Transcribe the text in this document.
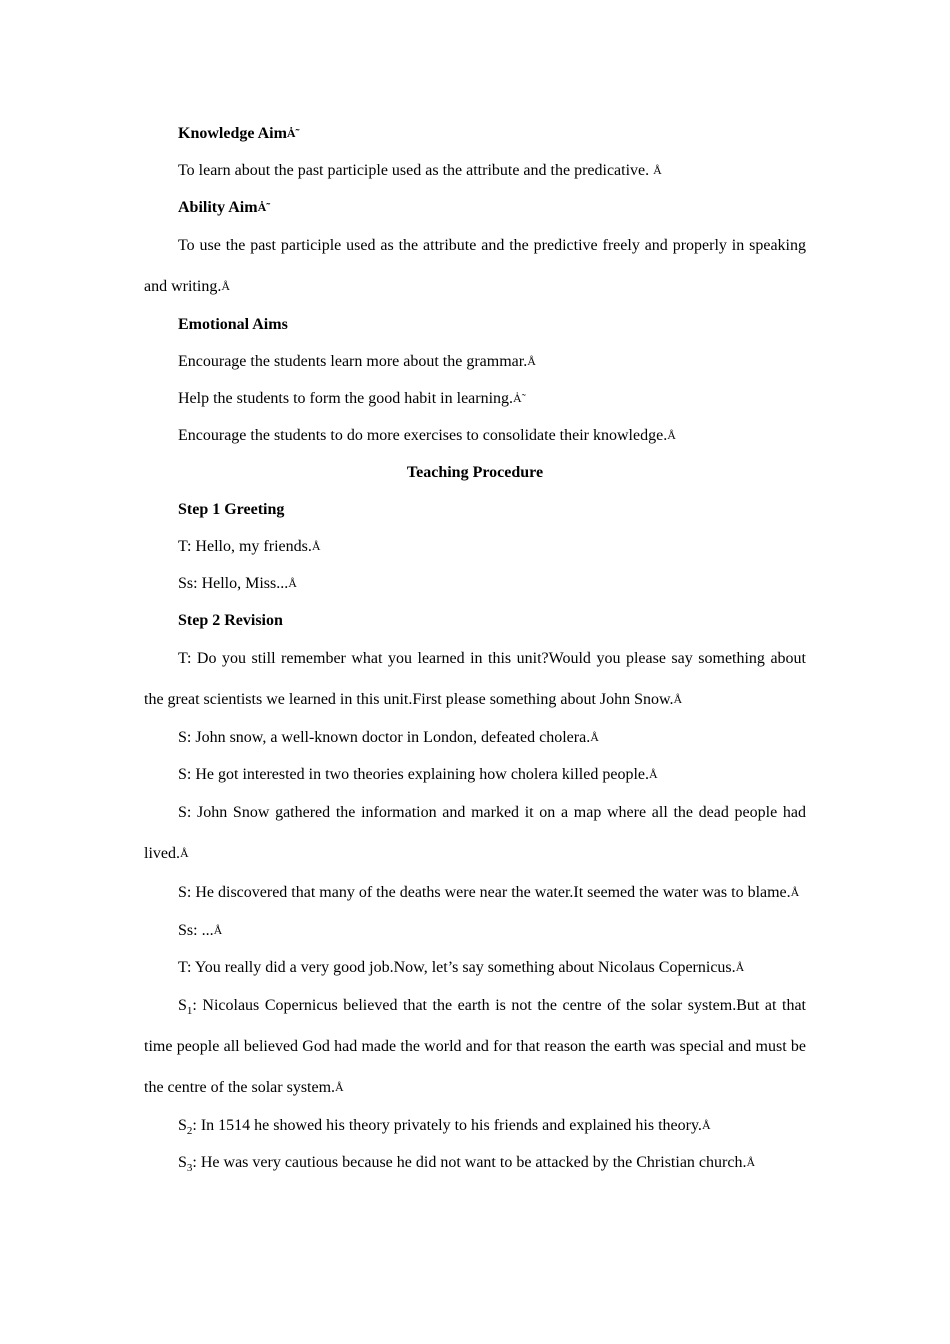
Knowledge AimȦ̃

To learn about the past participle used as the attribute and the predicative. Å

Ability AimȦ̃

To use the past participle used as the attribute and the predictive freely and properly in speaking and writing.Å

Emotional Aims

Encourage the students learn more about the grammar.Å

Help the students to form the good habit in learning.Ȧ̃

Encourage the students to do more exercises to consolidate their knowledge.Å

Teaching Procedure

Step 1 Greeting

T: Hello, my friends.Å

Ss: Hello, Miss...Å

Step 2 Revision

T: Do you still remember what you learned in this unit?Would you please say something about the great scientists we learned in this unit.First please something about John Snow.Å

S: John snow, a well-known doctor in London, defeated cholera.Å

S: He got interested in two theories explaining how cholera killed people.Å

S: John Snow gathered the information and marked it on a map where all the dead people had lived.Å

S: He discovered that many of the deaths were near the water.It seemed the water was to blame.Å

Ss: ...Å

T: You really did a very good job.Now, let’s say something about Nicolaus Copernicus.Å

$S_1$: Nicolaus Copernicus believed that the earth is not the centre of the solar system.But at that time people all believed God had made the world and for that reason the earth was special and must be the centre of the solar system.Å

$S_2$: In 1514 he showed his theory privately to his friends and explained his theory.Å

$S_3$: He was very cautious because he did not want to be attacked by the Christian church.Å
